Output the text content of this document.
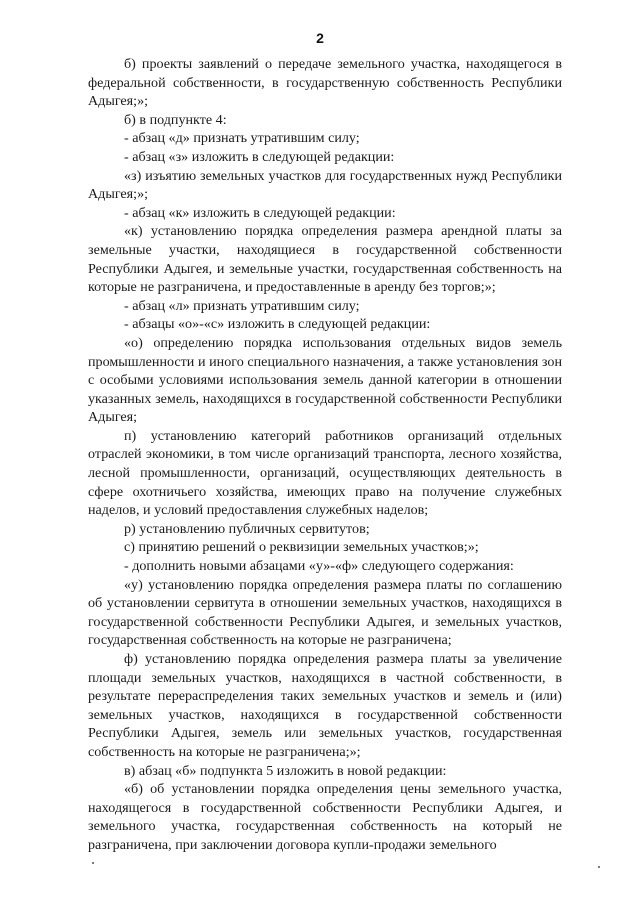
2

б) проекты заявлений о передаче земельного участка, находящегося в федеральной собственности, в государственную собственность Республики Адыгея;»;

б) в подпункте 4:

- абзац «д» признать утратившим силу;

- абзац «з» изложить в следующей редакции:

«з) изъятию земельных участков для государственных нужд Республики Адыгея;»;

- абзац «к» изложить в следующей редакции:

«к) установлению порядка определения размера арендной платы за земельные участки, находящиеся в государственной собственности Республики Адыгея, и земельные участки, государственная собственность на которые не разграничена, и предоставленные в аренду без торгов;»;

- абзац «л» признать утратившим силу;

- абзацы «о»-«с» изложить в следующей редакции:

«о) определению порядка использования отдельных видов земель промышленности и иного специального назначения, а также установления зон с особыми условиями использования земель данной категории в отношении указанных земель, находящихся в государственной собственности Республики Адыгея;

п) установлению категорий работников организаций отдельных отраслей экономики, в том числе организаций транспорта, лесного хозяйства, лесной промышленности, организаций, осуществляющих деятельность в сфере охотничьего хозяйства, имеющих право на получение служебных наделов, и условий предоставления служебных наделов;

р) установлению публичных сервитутов;

с) принятию решений о реквизиции земельных участков;»;

- дополнить новыми абзацами «у»-«ф» следующего содержания:

«у) установлению порядка определения размера платы по соглашению об установлении сервитута в отношении земельных участков, находящихся в государственной собственности Республики Адыгея, и земельных участков, государственная собственность на которые не разграничена;

ф) установлению порядка определения размера платы за увеличение площади земельных участков, находящихся в частной собственности, в результате перераспределения таких земельных участков и земель и (или) земельных участков, находящихся в государственной собственности Республики Адыгея, земель или земельных участков, государственная собственность на которые не разграничена;»;

в) абзац «б» подпункта 5 изложить в новой редакции:

«б) об установлении порядка определения цены земельного участка, находящегося в государственной собственности Республики Адыгея, и земельного участка, государственная собственность на который не разграничена, при заключении договора купли-продажи земельного
